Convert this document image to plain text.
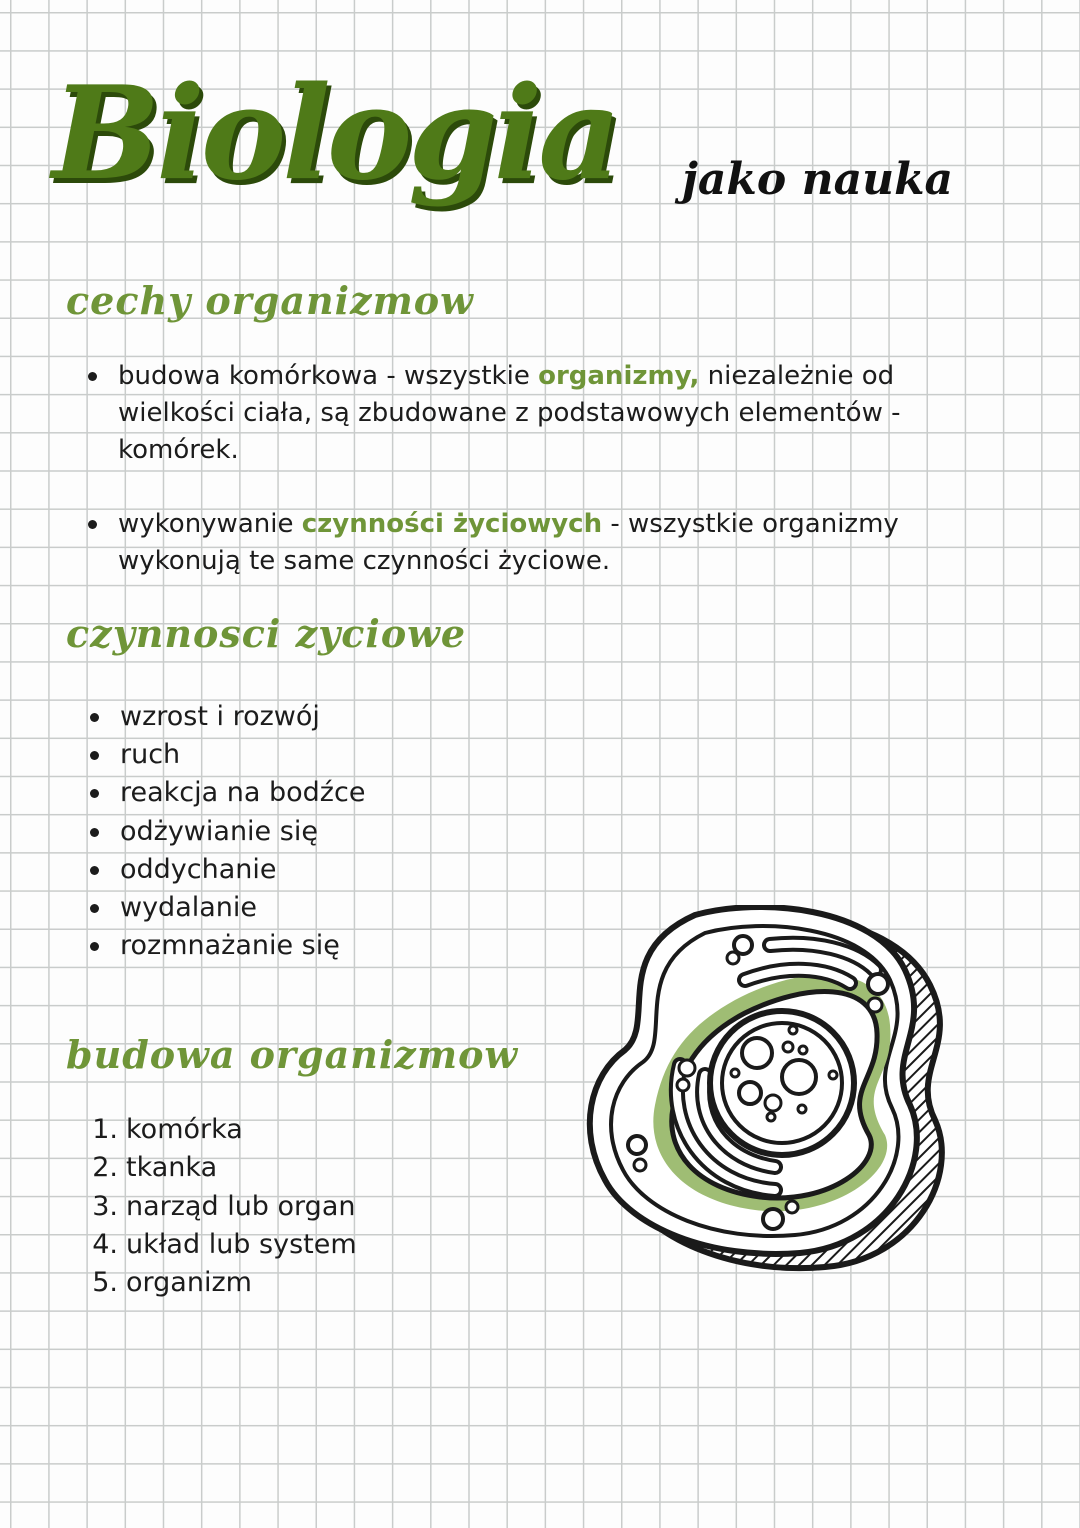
Biologia jako nauka
cechy organizmow
budowa komórkowa - wszystkie organizmy, niezależnie od wielkości ciała, są zbudowane z podstawowych elementów - komórek.
wykonywanie czynności życiowych - wszystkie organizmy wykonują te same czynności życiowe.
czynnosci zyciowe
wzrost i rozwój
ruch
reakcja na bodźce
odżywianie się
oddychanie
wydalanie
rozmnażanie się
budowa organizmow
1. komórka
2. tkanka
3. narząd lub organ
4. układ lub system
5. organizm
